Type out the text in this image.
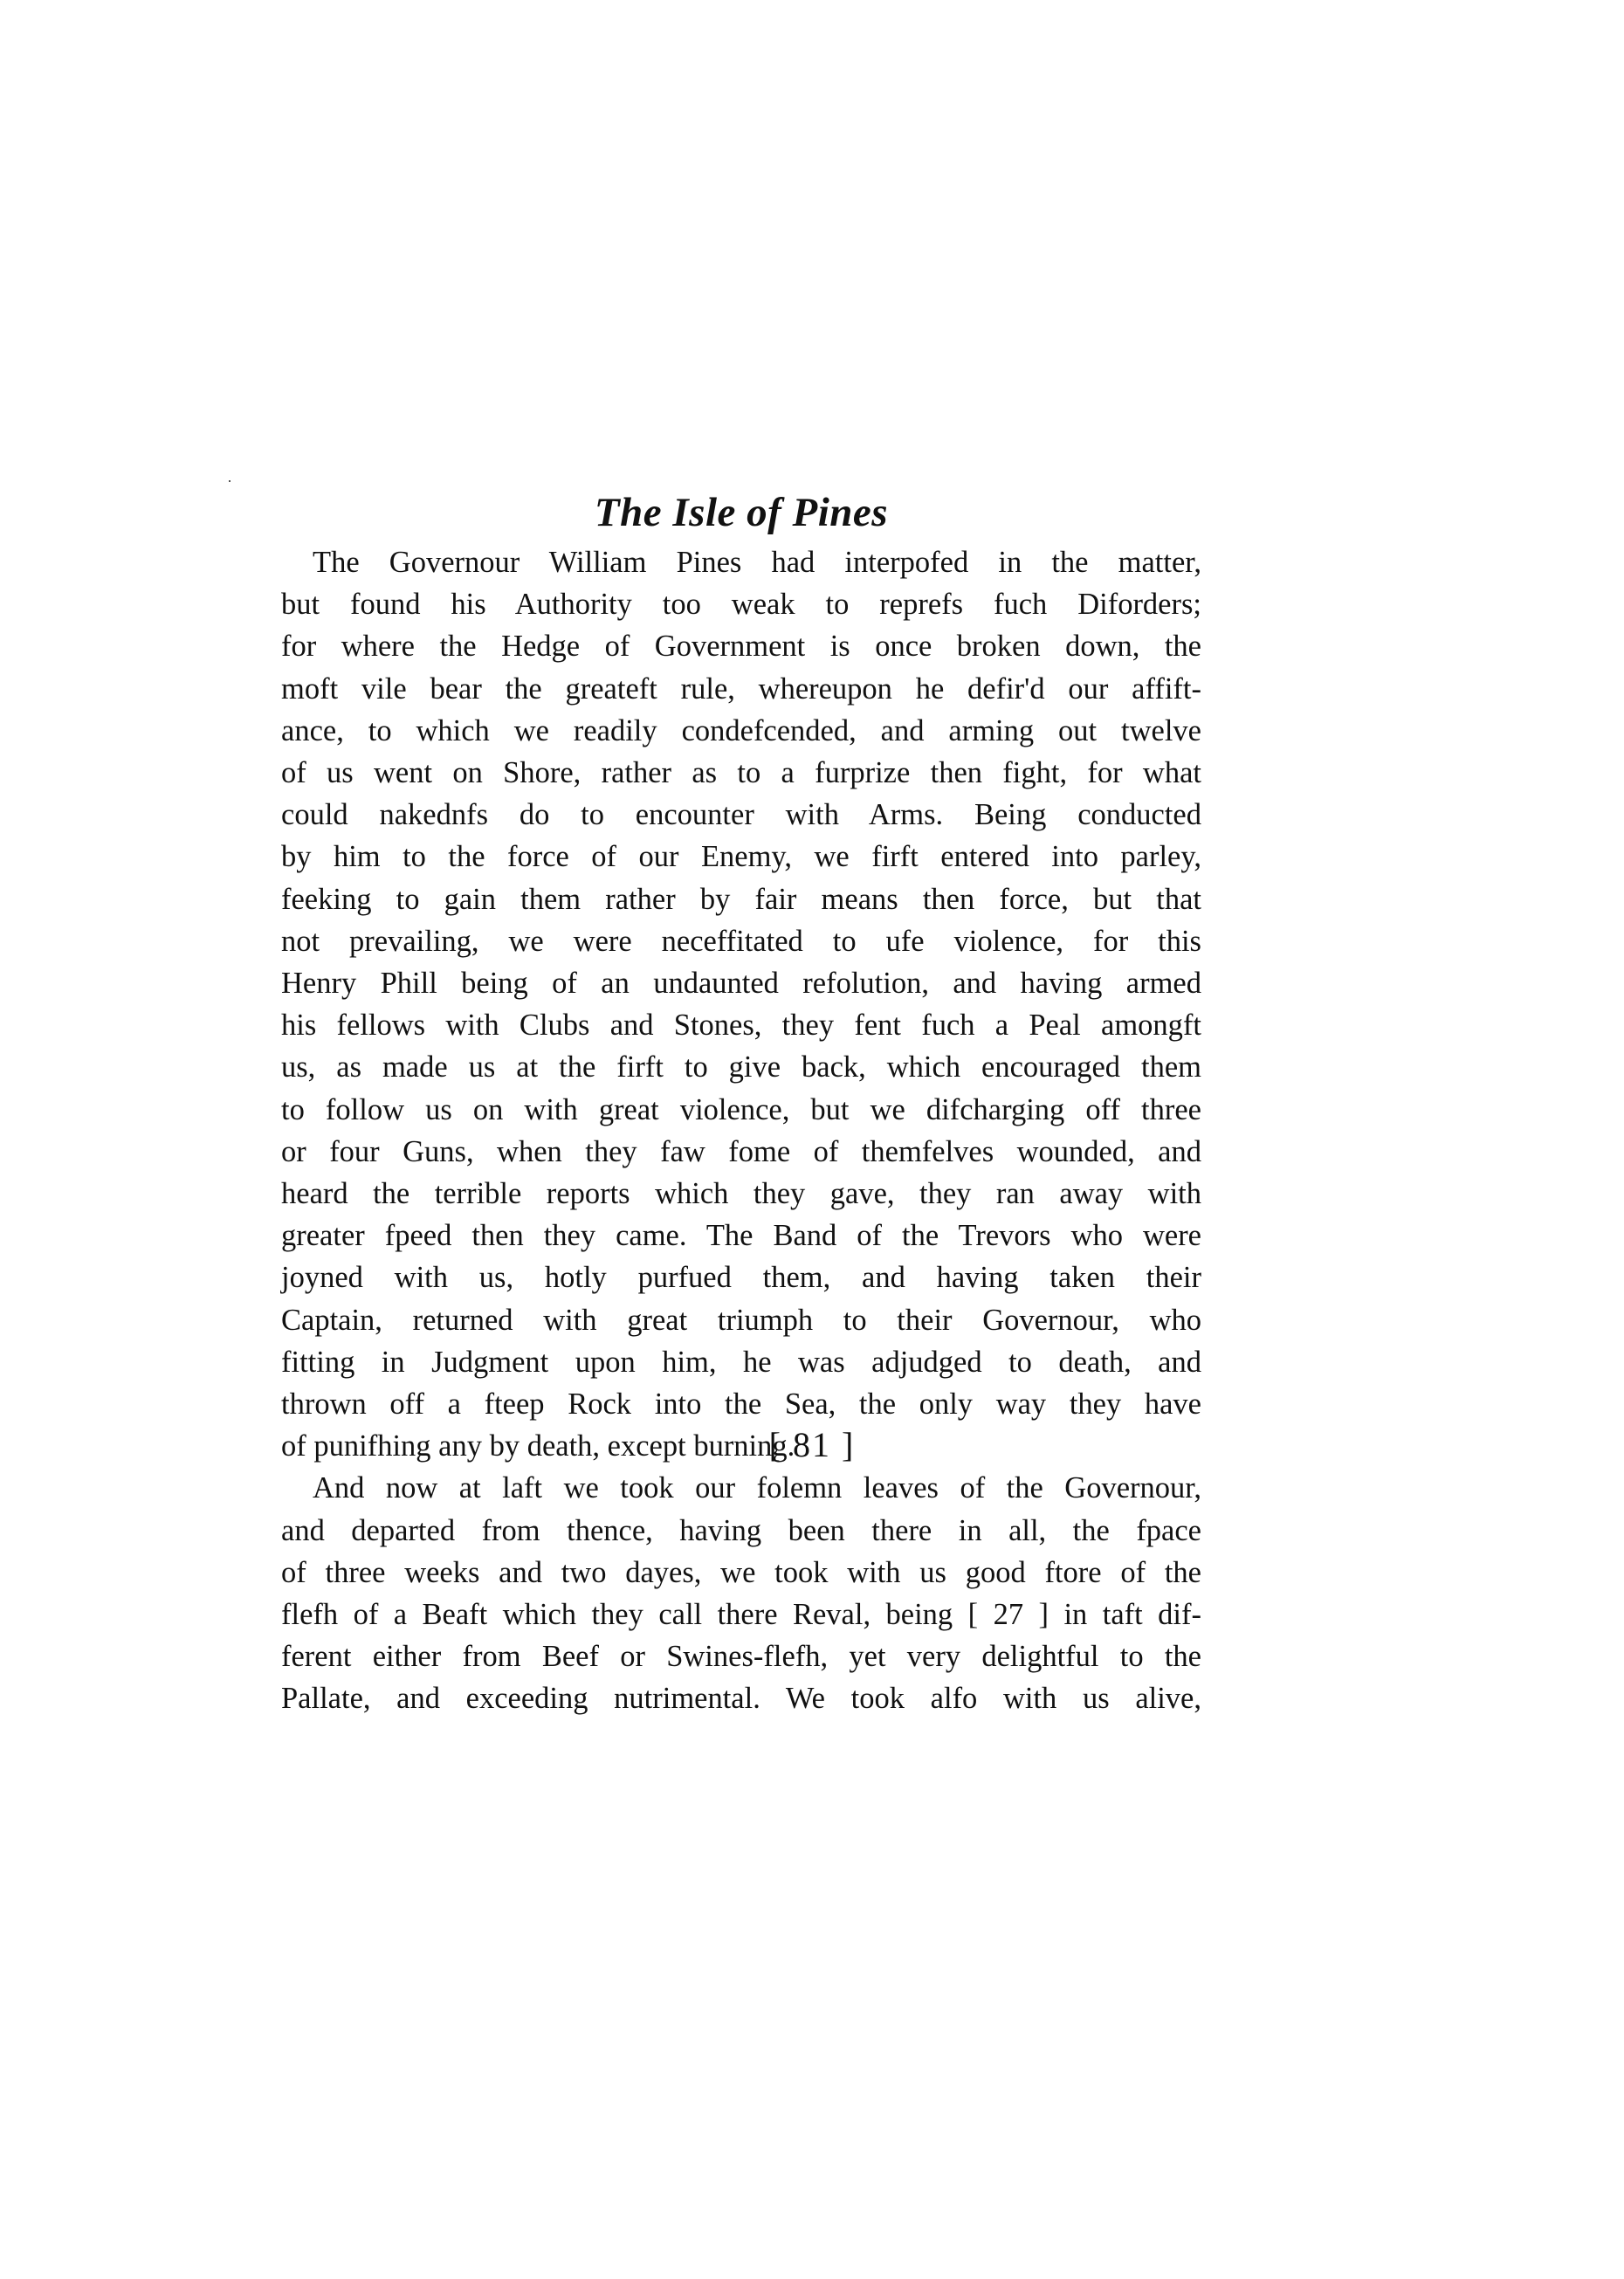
The Isle of Pines

The Governour William Pines had interpofed in the matter,
but found his Authority too weak to reprefs fuch Diforders;
for where the Hedge of Government is once broken down, the
moft vile bear the greateft rule, whereupon he defir'd our affift-
ance, to which we readily condefcended, and arming out twelve
of us went on Shore, rather as to a furprize then fight, for what
could nakednfs do to encounter with Arms. Being conducted
by him to the force of our Enemy, we firft entered into parley,
feeking to gain them rather by fair means then force, but that
not prevailing, we were neceffitated to ufe violence, for this
Henry Phill being of an undaunted refolution, and having armed
his fellows with Clubs and Stones, they fent fuch a Peal amongft
us, as made us at the firft to give back, which encouraged them
to follow us on with great violence, but we difcharging off three
or four Guns, when they faw fome of themfelves wounded, and
heard the terrible reports which they gave, they ran away with
greater fpeed then they came. The Band of the Trevors who were
joyned with us, hotly purfued them, and having taken their
Captain, returned with great triumph to their Governour, who
fitting in Judgment upon him, he was adjudged to death, and
thrown off a fteep Rock into the Sea, the only way they have
of punifhing any by death, except burning.

And now at laft we took our folemn leaves of the Governour,
and departed from thence, having been there in all, the fpace
of three weeks and two dayes, we took with us good ftore of the
flefh of a Beaft which they call there Reval, being [ 27 ] in taft dif-
ferent either from Beef or Swines-flefh, yet very delightful to the
Pallate, and exceeding nutrimental. We took alfo with us alive,

[ 81 ]
